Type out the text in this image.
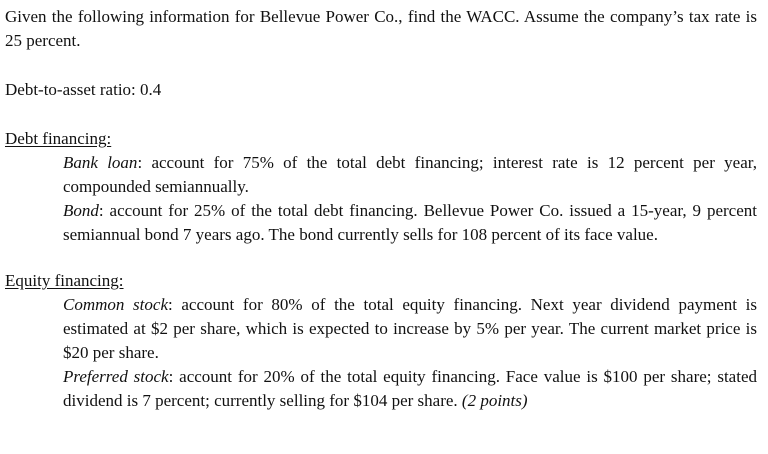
Given the following information for Bellevue Power Co., find the WACC. Assume the company’s tax rate is 25 percent.

Debt-to-asset ratio: 0.4

Debt financing:

Bank loan: account for 75% of the total debt financing; interest rate is 12 percent per year, compounded semiannually.

Bond: account for 25% of the total debt financing. Bellevue Power Co. issued a 15-year, 9 percent semiannual bond 7 years ago. The bond currently sells for 108 percent of its face value.

Equity financing:

Common stock: account for 80% of the total equity financing. Next year dividend payment is estimated at $2 per share, which is expected to increase by 5% per year. The current market price is $20 per share.

Preferred stock: account for 20% of the total equity financing. Face value is $100 per share; stated dividend is 7 percent; currently selling for $104 per share. (2 points)
